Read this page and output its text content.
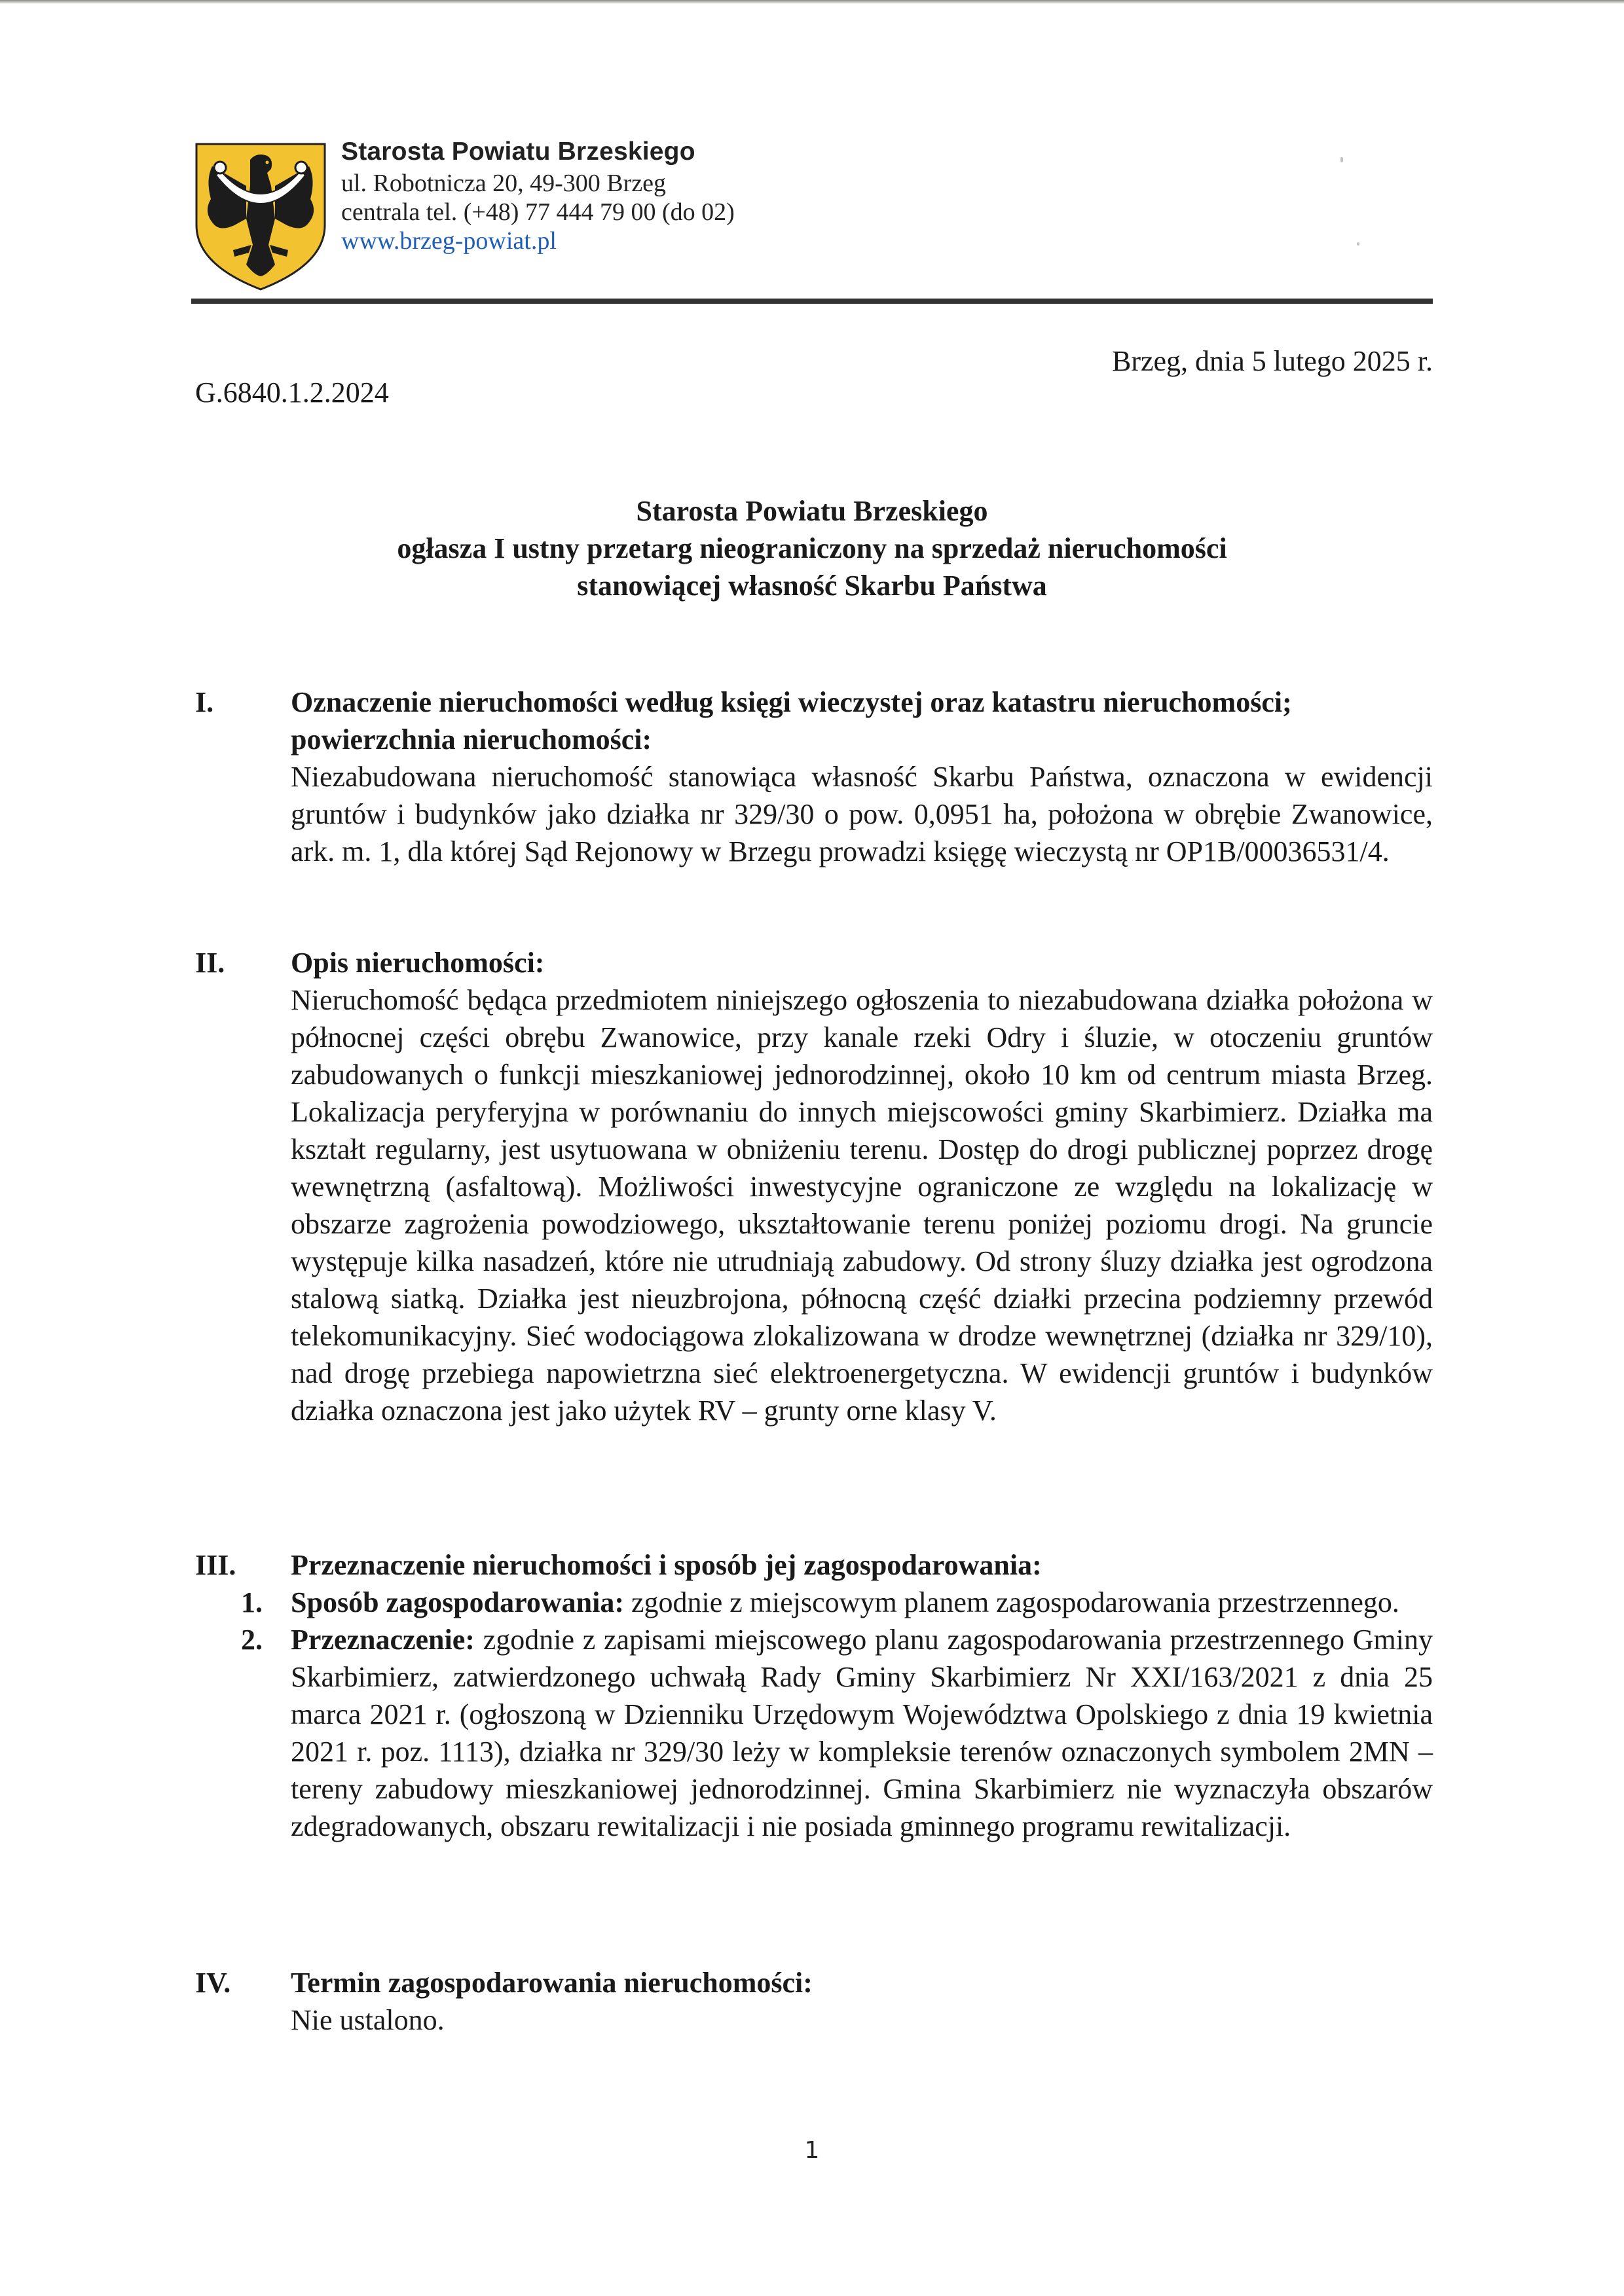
Starosta Powiatu Brzeskiego
ul. Robotnicza 20, 49-300 Brzeg
centrala tel. (+48) 77 444 79 00 (do 02)
www.brzeg-powiat.pl
Brzeg, dnia 5 lutego 2025 r.
G.6840.1.2.2024
Starosta Powiatu Brzeskiego
ogłasza I ustny przetarg nieograniczony na sprzedaż nieruchomości
stanowiącej własność Skarbu Państwa
I.	Oznaczenie nieruchomości według księgi wieczystej oraz katastru nieruchomości; powierzchnia nieruchomości:
Niezabudowana nieruchomość stanowiąca własność Skarbu Państwa, oznaczona w ewidencji gruntów i budynków jako działka nr 329/30 o pow. 0,0951 ha, położona w obrębie Zwanowice, ark. m. 1, dla której Sąd Rejonowy w Brzegu prowadzi księgę wieczystą nr OP1B/00036531/4.
II. Opis nieruchomości:
Nieruchomość będąca przedmiotem niniejszego ogłoszenia to niezabudowana działka położona w północnej części obrębu Zwanowice, przy kanale rzeki Odry i śluzie, w otoczeniu gruntów zabudowanych o funkcji mieszkaniowej jednorodzinnej, około 10 km od centrum miasta Brzeg. Lokalizacja peryferyjna w porównaniu do innych miejscowości gminy Skarbimierz. Działka ma kształt regularny, jest usytuowana w obniżeniu terenu. Dostęp do drogi publicznej poprzez drogę wewnętrzną (asfaltową). Możliwości inwestycyjne ograniczone ze względu na lokalizację w obszarze zagrożenia powodziowego, ukształtowanie terenu poniżej poziomu drogi. Na gruncie występuje kilka nasadzeń, które nie utrudniają zabudowy. Od strony śluzy działka jest ogrodzona stalową siatką. Działka jest nieuzbrojona, północną część działki przecina podziemny przewód telekomunikacyjny. Sieć wodociągowa zlokalizowana w drodze wewnętrznej (działka nr 329/10), nad drogę przebiega napowietrzna sieć elektroenergetyczna. W ewidencji gruntów i budynków działka oznaczona jest jako użytek RV – grunty orne klasy V.
III. Przeznaczenie nieruchomości i sposób jej zagospodarowania:
1. Sposób zagospodarowania: zgodnie z miejscowym planem zagospodarowania przestrzennego.
2. Przeznaczenie: zgodnie z zapisami miejscowego planu zagospodarowania przestrzennego Gminy Skarbimierz, zatwierdzonego uchwałą Rady Gminy Skarbimierz Nr XXI/163/2021 z dnia 25 marca 2021 r. (ogłoszoną w Dzienniku Urzędowym Województwa Opolskiego z dnia 19 kwietnia 2021 r. poz. 1113), działka nr 329/30 leży w kompleksie terenów oznaczonych symbolem 2MN – tereny zabudowy mieszkaniowej jednorodzinnej. Gmina Skarbimierz nie wyznaczyła obszarów zdegradowanych, obszaru rewitalizacji i nie posiada gminnego programu rewitalizacji.
IV. Termin zagospodarowania nieruchomości:
Nie ustalono.
1
